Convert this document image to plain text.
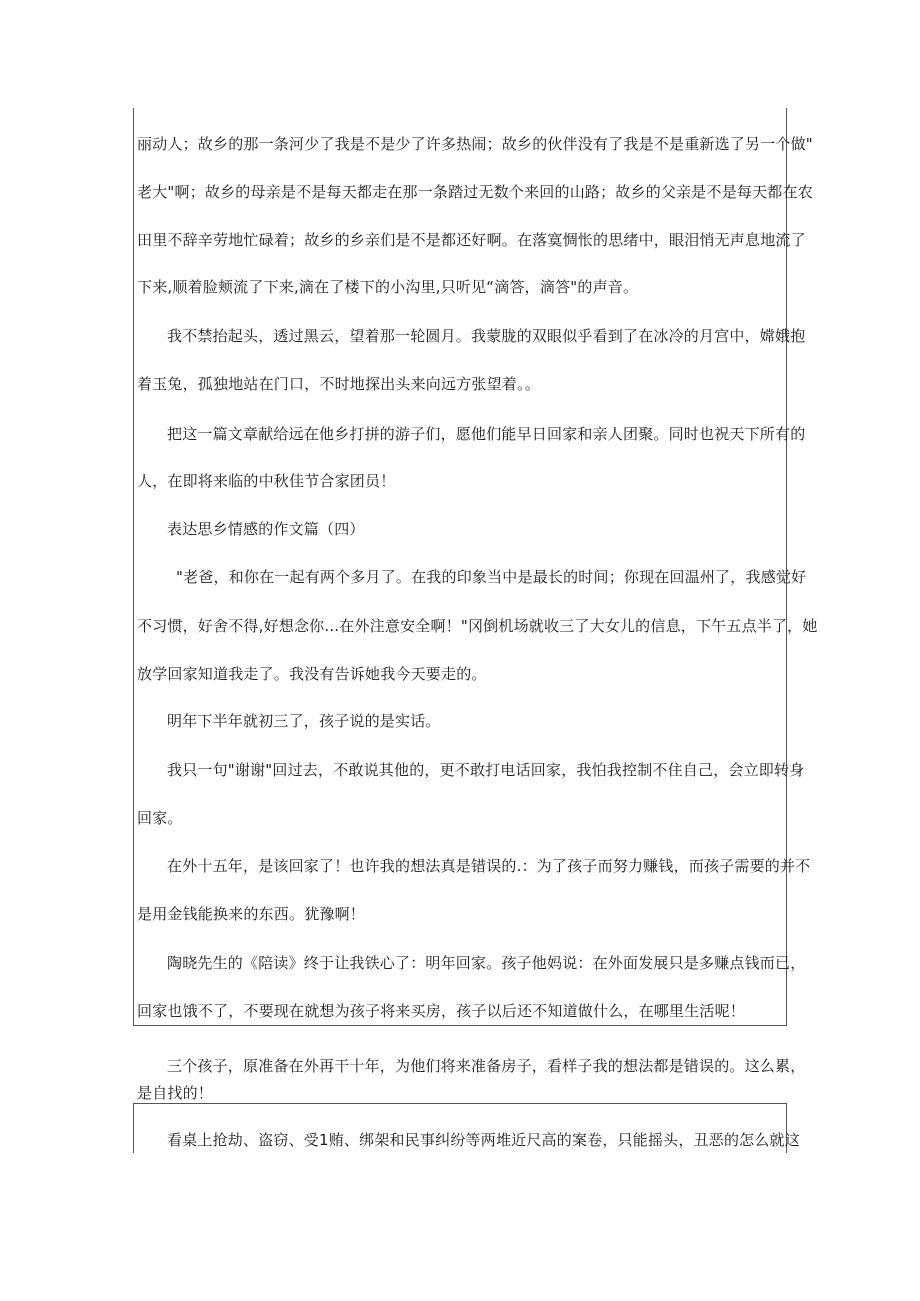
丽动人；故乡的那一条河少了我是不是少了许多热闹；故乡的伙伴没有了我是不是重新选了另一个做"
老大"啊；故乡的母亲是不是每天都走在那一条踏过无数个来回的山路；故乡的父亲是不是每天都在农
田里不辞辛劳地忙碌着；故乡的乡亲们是不是都还好啊。在落寞惆怅的思绪中，眼泪悄无声息地流了
下来,顺着脸颊流了下来,滴在了楼下的小沟里,只听见“滴答，滴答"的声音。
我不禁抬起头，透过黑云，望着那一轮圆月。我蒙胧的双眼似乎看到了在冰冷的月宫中，嫦娥抱
着玉兔，孤独地站在门口，不时地探出头来向远方张望着。。
把这一篇文章献给远在他乡打拼的游子们，愿他们能早日回家和亲人团聚。同时也祝天下所有的
人，在即将来临的中秋佳节合家团员！
表达思乡情感的作文篇（四）
"老爸，和你在一起有两个多月了。在我的印象当中是最长的时间；你现在回温州了，我感觉好
不习惯，好舍不得,好想念你...在外注意安全啊！"冈倒机场就收三了大女儿的信息，下午五点半了，她
放学回家知道我走了。我没有告诉她我今天要走的。
明年下半年就初三了，孩子说的是实话。
我只一句"谢谢"回过去，不敢说其他的，更不敢打电话回家，我怕我控制不住自己，会立即转身
回家。
在外十五年，是该回家了！也许我的想法真是错误的.：为了孩子而努力赚钱，而孩子需要的并不
是用金钱能换来的东西。犹豫啊！
陶晓先生的《陪读》终于让我铁心了：明年回家。孩子他妈说：在外面发展只是多赚点钱而已，
回家也饿不了，不要现在就想为孩子将来买房，孩子以后还不知道做什么，在哪里生活呢！
三个孩子，原准备在外再干十年，为他们将来准备房子，看样子我的想法都是错误的。这么累，
是自找的！
看桌上抢劫、盗窃、受1贿、绑架和民事纠纷等两堆近尺高的案卷，只能摇头，丑恶的怎么就这
